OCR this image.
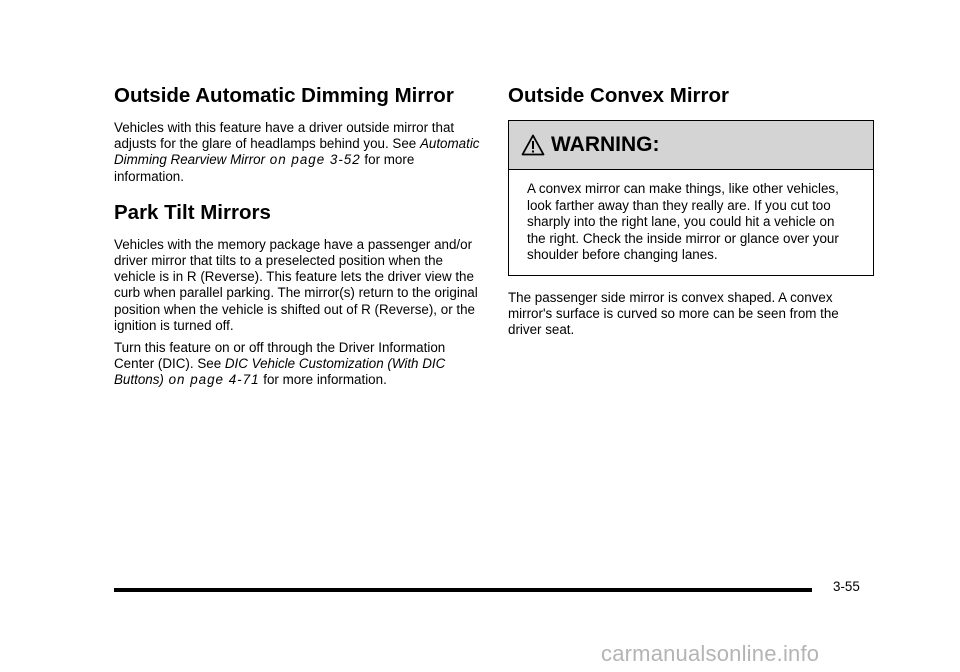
Outside Automatic Dimming Mirror

Vehicles with this feature have a driver outside mirror that adjusts for the glare of headlamps behind you. See Automatic Dimming Rearview Mirror on page 3‑52 for more information.

Park Tilt Mirrors

Vehicles with the memory package have a passenger and/or driver mirror that tilts to a preselected position when the vehicle is in R (Reverse). This feature lets the driver view the curb when parallel parking. The mirror(s) return to the original position when the vehicle is shifted out of R (Reverse), or the ignition is turned off.

Turn this feature on or off through the Driver Information Center (DIC). See DIC Vehicle Customization (With DIC Buttons) on page 4‑71 for more information.

Outside Convex Mirror
WARNING:

A convex mirror can make things, like other vehicles, look farther away than they really are. If you cut too sharply into the right lane, you could hit a vehicle on the right. Check the inside mirror or glance over your shoulder before changing lanes.

The passenger side mirror is convex shaped. A convex mirror's surface is curved so more can be seen from the driver seat.

3-55
carmanualsonline.info
